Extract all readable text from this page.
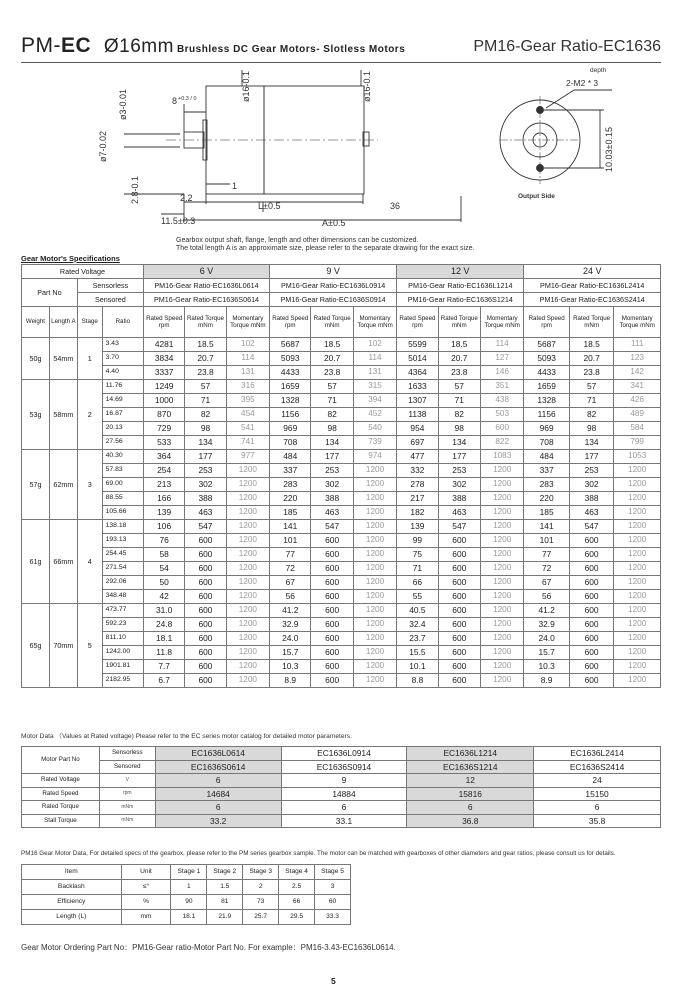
PM-EC Ø16mm Brushless DC Gear Motors- Slotless Motors	PM16-Gear Ratio-EC1636
ø3-0.01	8 +0.3 / 0	ø16-0.1	ø16-0.1
ø7-0.02
2.8-0.1	1
2.2
L±0.5	36
11.5±0.3	A±0.5
depth
2-M2 * 3
10.03±0.15
Output Side
Gearbox output shaft, flange, length and other dimensions can be customized.
The total length A is an approximate size, please refer to the separate drawing for the exact size.
Gear Motor's Specifications
Rated Voltage				6 V			9 V			12 V			24 V		
Part No		Sensorless		PM16-Gear Ratio-EC1636L0614			PM16-Gear Ratio-EC1636L0914			PM16-Gear Ratio-EC1636L1214			PM16-Gear Ratio-EC1636L2414		
		Sensored		PM16-Gear Ratio-EC1636S0614			PM16-Gear Ratio-EC1636S0914			PM16-Gear Ratio-EC1636S1214			PM16-Gear Ratio-EC1636S2414		
Weight	Length A	Stage	Ratio	Rated Speed rpm	Rated Torque mNm	Momentary Torque mNm	Rated Speed rpm	Rated Torque mNm	Momentary Torque mNm	Rated Speed rpm	Rated Torque mNm	Momentary Torque mNm	Rated Speed rpm	Rated Torque mNm	Momentary Torque mNm
50g	54mm	1	3.43	4281	18.5	102	5687	18.5	102	5599	18.5	114	5687	18.5	111
			3.70	3834	20.7	114	5093	20.7	114	5014	20.7	127	5093	20.7	123
			4.40	3337	23.8	131	4433	23.8	131	4364	23.8	146	4433	23.8	142
53g	58mm	2	11.76	1249	57	316	1659	57	315	1633	57	351	1659	57	341
			14.69	1000	71	395	1328	71	394	1307	71	438	1328	71	426
			16.87	870	82	454	1156	82	452	1138	82	503	1156	82	489
			20.13	729	98	541	969	98	540	954	98	600	969	98	584
			27.56	533	134	741	708	134	739	697	134	822	708	134	799
57g	62mm	3	40.30	364	177	977	484	177	974	477	177	1083	484	177	1053
			57.83	254	253	1200	337	253	1200	332	253	1200	337	253	1200
			69.00	213	302	1200	283	302	1200	278	302	1200	283	302	1200
			88.55	166	388	1200	220	388	1200	217	388	1200	220	388	1200
			105.66	139	463	1200	185	463	1200	182	463	1200	185	463	1200
61g	66mm	4	138.18	106	547	1200	141	547	1200	139	547	1200	141	547	1200
			193.13	76	600	1200	101	600	1200	99	600	1200	101	600	1200
			254.45	58	600	1200	77	600	1200	75	600	1200	77	600	1200
			271.54	54	600	1200	72	600	1200	71	600	1200	72	600	1200
			292.06	50	600	1200	67	600	1200	66	600	1200	67	600	1200
			348.48	42	600	1200	56	600	1200	55	600	1200	56	600	1200
65g	70mm	5	473.77	31.0	600	1200	41.2	600	1200	40.5	600	1200	41.2	600	1200
			592.23	24.8	600	1200	32.9	600	1200	32.4	600	1200	32.9	600	1200
			811.10	18.1	600	1200	24.0	600	1200	23.7	600	1200	24.0	600	1200
			1242.00	11.8	600	1200	15.7	600	1200	15.5	600	1200	15.7	600	1200
			1901.81	7.7	600	1200	10.3	600	1200	10.1	600	1200	10.3	600	1200
			2182.95	6.7	600	1200	8.9	600	1200	8.8	600	1200	8.9	600	1200
Motor Data （Values at Rated voltage) Please refer to the EC series motor catalog for detailed motor parameters.
Motor Part No	Sensorless	EC1636L0614	EC1636L0914	EC1636L1214	EC1636L2414
	Sensored	EC1636S0614	EC1636S0914	EC1636S1214	EC1636S2414
Rated Voltage	V	6	9	12	24
Rated Speed	rpm	14684	14884	15816	15150
Rated Torque	mNm	6	6	6	6
Stall Torque	mNm	33.2	33.1	36.8	35.8
PM16 Gear Motor Data, For detailed specs of the gearbox, please refer to the PM series gearbox sample. The motor can be matched with gearboxes of other diameters and gear ratios, please consult us for details.
Item	Unit	Stage 1	Stage 2	Stage 3	Stage 4	Stage 5
Backlash	≤°	1	1.5	2	2.5	3
Efficiency	%	90	81	73	66	60
Length (L)	mm	18.1	21.9	25.7	29.5	33.3
Gear Motor Ordering Part No：PM16-Gear ratio-Motor Part No. For example：PM16-3.43-EC1636L0614.
5
